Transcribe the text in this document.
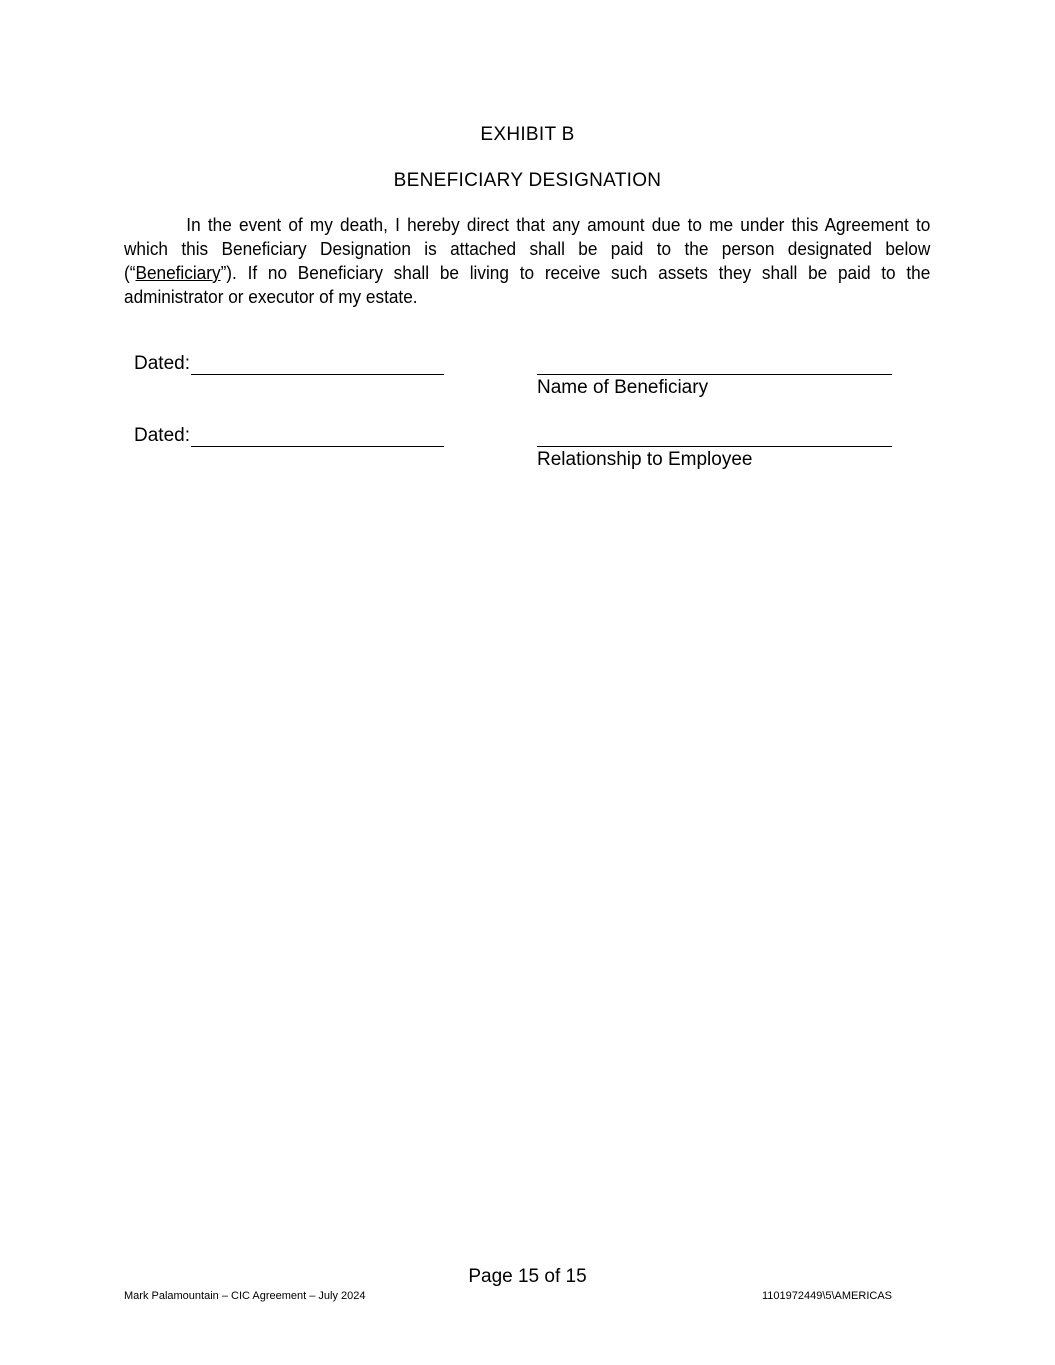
EXHIBIT B
BENEFICIARY DESIGNATION
In the event of my death, I hereby direct that any amount due to me under this Agreement to which this Beneficiary Designation is attached shall be paid to the person designated below (“Beneficiary”). If no Beneficiary shall be living to receive such assets they shall be paid to the administrator or executor of my estate.
Dated:
Name of Beneficiary
Dated:
Relationship to Employee
Page 15 of 15
Mark Palamountain – CIC Agreement – July 2024	1101972449\5\AMERICAS
